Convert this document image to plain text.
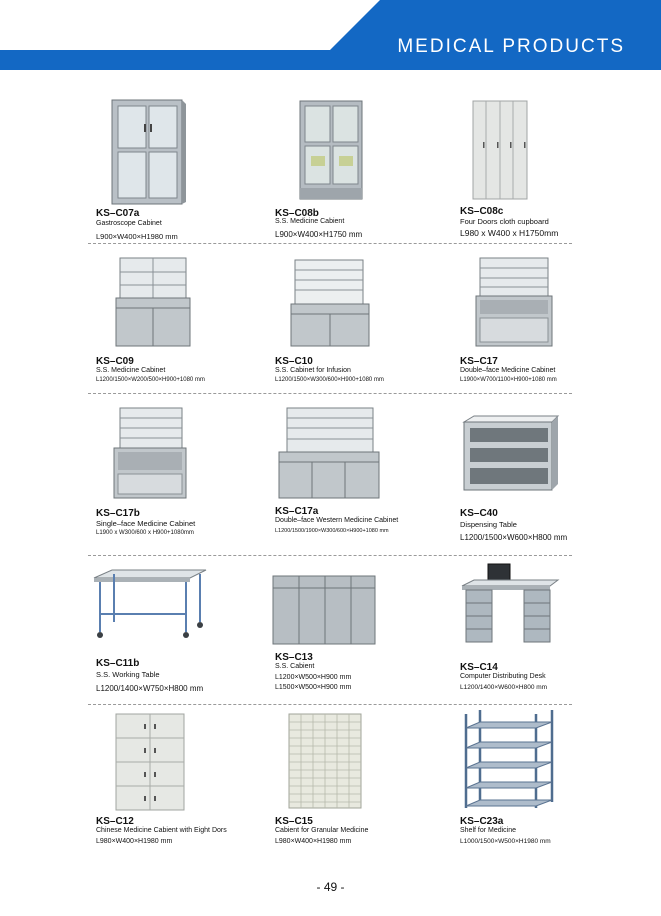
MEDICAL PRODUCTS
KS–C07a
Gastroscope Cabinet
L900×W400×H1980 mm
KS–C08b
S.S. Medicine Cabient
L900×W400×H1750 mm
KS–C08c
Four Doors cloth cupboard
L980 x W400 x H1750mm
KS–C09
S.S. Medicine Cabinet
L1200/1500×W200/500×H900+1080 mm
KS–C10
S.S. Cabinet for Infusion
L1200/1500×W300/600×H900+1080 mm
KS–C17
Double–face Medicine Cabinet
L1900×W700/1100×H900+1080 mm
KS–C17b
Single–face Medicine Cabinet
L1900 x W300/600 x H900+1080mm
KS–C17a
Double–face Western Medicine Cabinet
L1200/1500/1900×W300/600×H900+1080 mm
KS–C40
Dispensing Table
L1200/1500×W600×H800 mm
KS–C11b
S.S. Working Table
L1200/1400×W750×H800 mm
KS–C13
S.S. Cabient
L1200×W500×H900 mm
L1500×W500×H900 mm
KS–C14
Computer Distributing Desk
L1200/1400×W600×H800 mm
KS–C12
Chinese Medicine Cabient with Eight Dors
L980×W400×H1980 mm
KS–C15
Cabient for Granular Medicine
L980×W400×H1980 mm
KS–C23a
Shelf for Medicine
L1000/1500×W500×H1980 mm
- 49 -
